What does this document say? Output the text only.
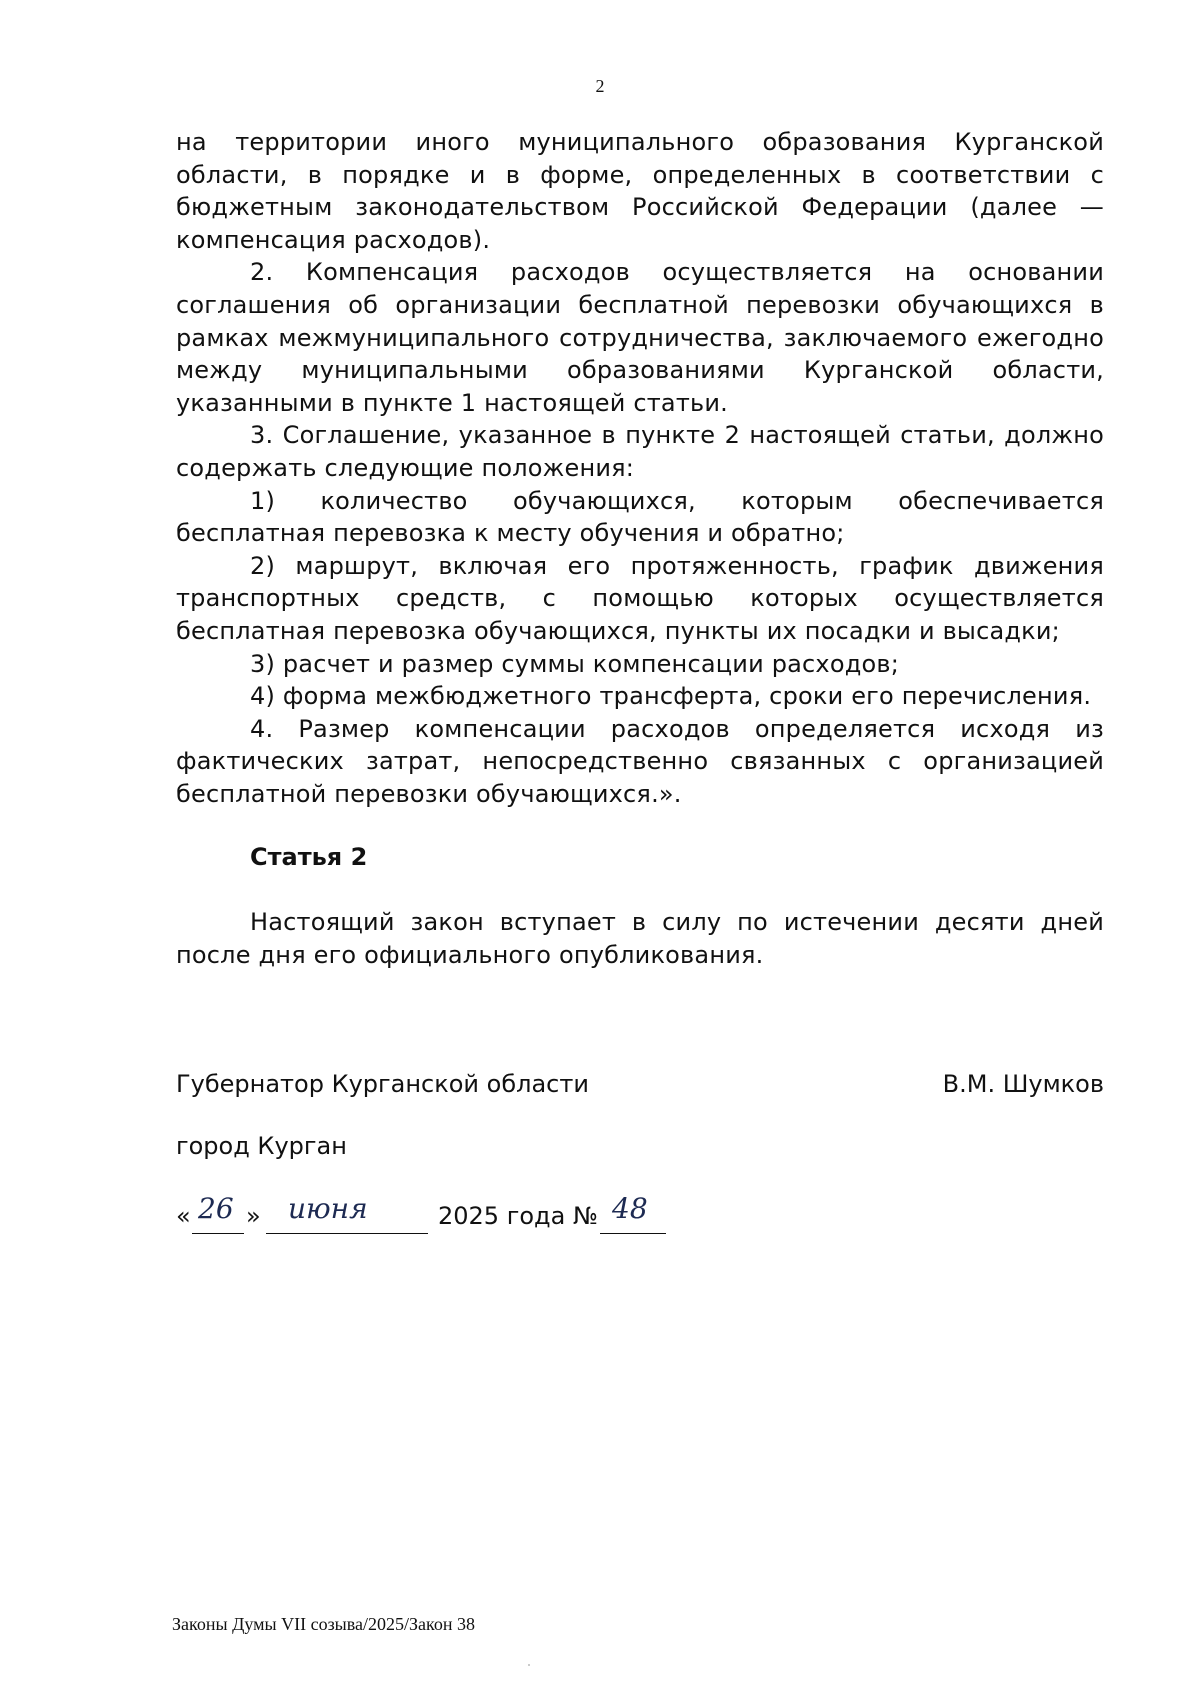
2

на территории иного муниципального образования Курганской области, в порядке и в форме, определенных в соответствии с бюджетным законодательством Российской Федерации (далее — компенсация расходов).

2. Компенсация расходов осуществляется на основании соглашения об организации бесплатной перевозки обучающихся в рамках межмуниципального сотрудничества, заключаемого ежегодно между муниципальными образованиями Курганской области, указанными в пункте 1 настоящей статьи.

3. Соглашение, указанное в пункте 2 настоящей статьи, должно содержать следующие положения:

1) количество обучающихся, которым обеспечивается бесплатная перевозка к месту обучения и обратно;

2) маршрут, включая его протяженность, график движения транспортных средств, с помощью которых осуществляется бесплатная перевозка обучающихся, пункты их посадки и высадки;

3) расчет и размер суммы компенсации расходов;

4) форма межбюджетного трансферта, сроки его перечисления.

4. Размер компенсации расходов определяется исходя из фактических затрат, непосредственно связанных с организацией бесплатной перевозки обучающихся.».

Статья 2

Настоящий закон вступает в силу по истечении десяти дней после дня его официального опубликования.

Губернатор Курганской области	В.М. Шумков
город Курган
« 26 » июня	2025 года № 48
Законы Думы VII созыва/2025/Закон 38
